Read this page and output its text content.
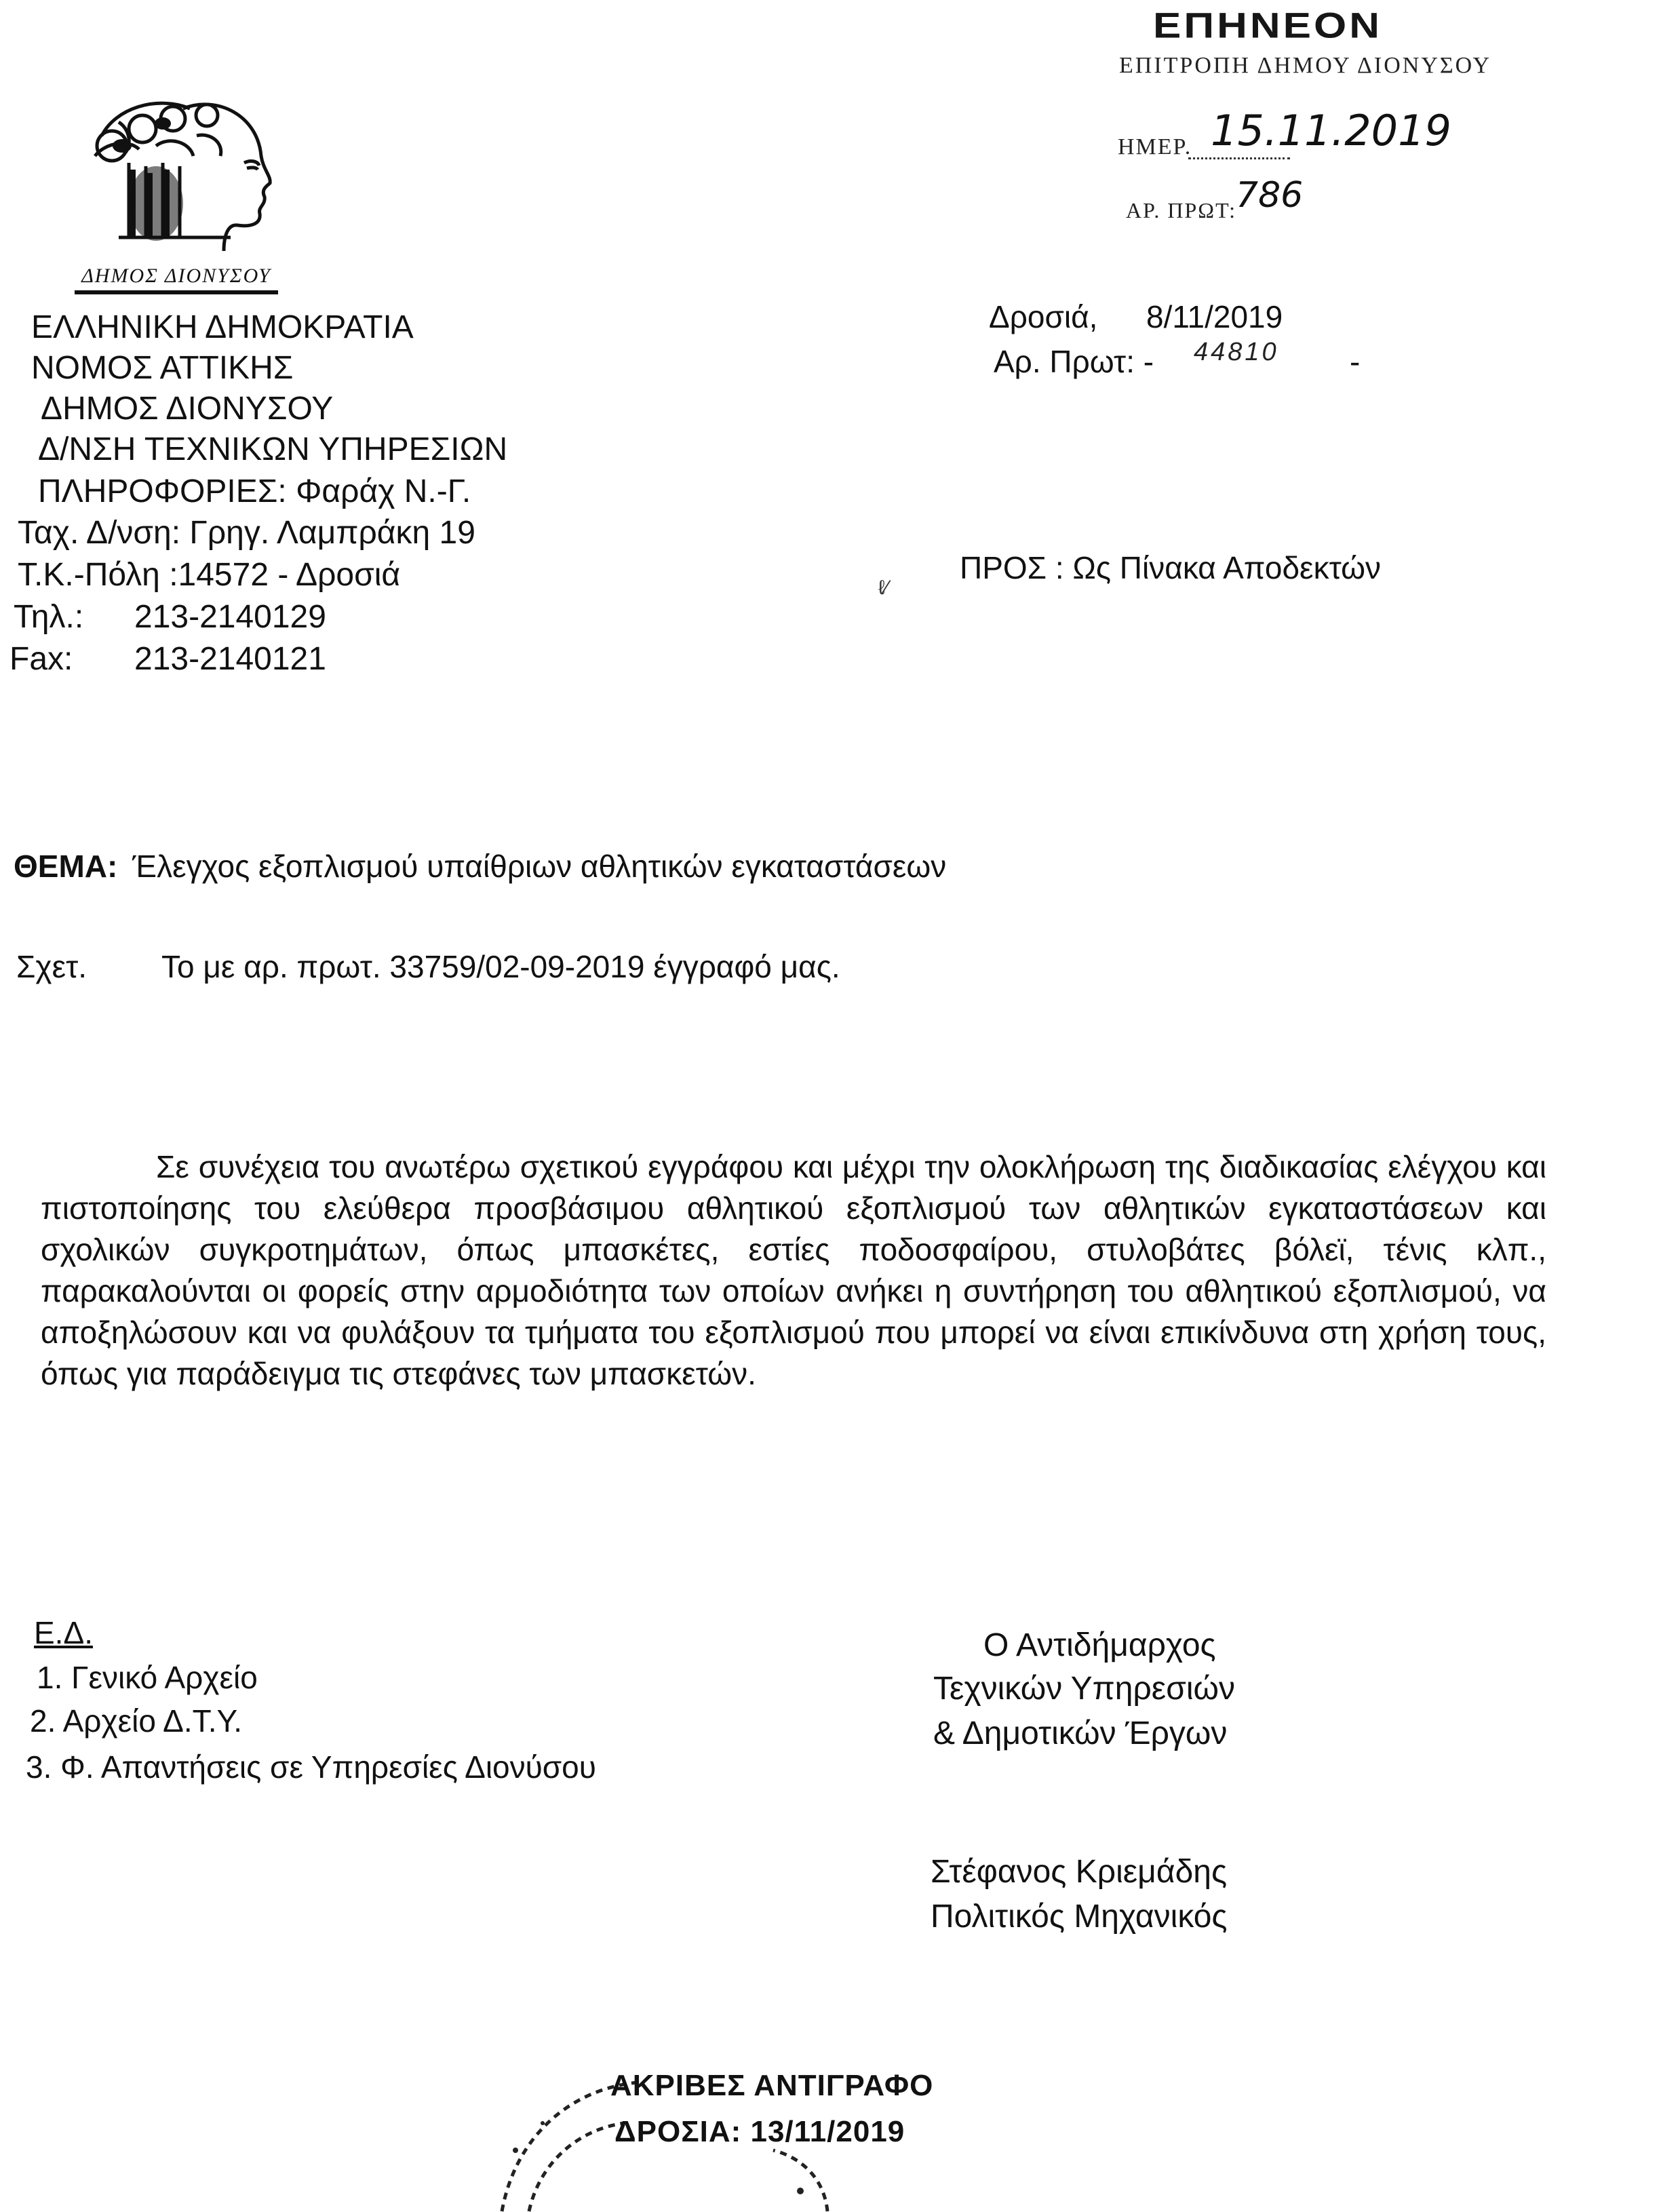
ΕΠΗΝΕΟΝ
ΕΠΙΤΡΟΠΗ ΔΗΜΟΥ ΔΙΟΝΥΣΟΥ
ΗΜΕΡ. 15.11.2019
ΑΡ. ΠΡΩΤ: 786
ΔΗΜΟΣ ΔΙΟΝΥΣΟΥ
ΕΛΛΗΝΙΚΗ ΔΗΜΟΚΡΑΤΙΑ
ΝΟΜΟΣ ΑΤΤΙΚΗΣ
ΔΗΜΟΣ ΔΙΟΝΥΣΟΥ
Δ/ΝΣΗ ΤΕΧΝΙΚΩΝ ΥΠΗΡΕΣΙΩΝ
ΠΛΗΡΟΦΟΡΙΕΣ: Φαράχ Ν.-Γ.
Ταχ. Δ/νση: Γρηγ. Λαμπράκη 19
Τ.Κ.-Πόλη :14572 - Δροσιά
Τηλ.: 213-2140129
Fax: 213-2140121
Δροσιά, 8/11/2019
Αρ. Πρωτ: - 44810 -
ℓ⁄
ΠΡΟΣ : Ως Πίνακα Αποδεκτών
ΘΕΜΑ: Έλεγχος εξοπλισμού υπαίθριων αθλητικών εγκαταστάσεων
Σχετ. Το με αρ. πρωτ. 33759/02-09-2019 έγγραφό μας.

Σε συνέχεια του ανωτέρω σχετικού εγγράφου και μέχρι την ολοκλήρωση της διαδικασίας ελέγχου και πιστοποίησης του ελεύθερα προσβάσιμου αθλητικού εξοπλισμού των αθλητικών εγκαταστάσεων και σχολικών συγκροτημάτων, όπως μπασκέτες, εστίες ποδοσφαίρου, στυλοβάτες βόλεϊ, τένις κλπ., παρακαλούνται οι φορείς στην αρμοδιότητα των οποίων ανήκει η συντήρηση του αθλητικού εξοπλισμού, να αποξηλώσουν και να φυλάξουν τα τμήματα του εξοπλισμού που μπορεί να είναι επικίνδυνα στη χρήση τους, όπως για παράδειγμα τις στεφάνες των μπασκετών.

Ε.Δ.
1. Γενικό Αρχείο
2. Αρχείο Δ.Τ.Υ.
3. Φ. Απαντήσεις σε Υπηρεσίες Διονύσου
Ο Αντιδήμαρχος
Τεχνικών Υπηρεσιών
& Δημοτικών Έργων
Στέφανος Κριεμάδης
Πολιτικός Μηχανικός
ΑΚΡΙΒΕΣ ΑΝΤΙΓΡΑΦΟ
ΔΡΟΣΙΑ: 13/11/2019
